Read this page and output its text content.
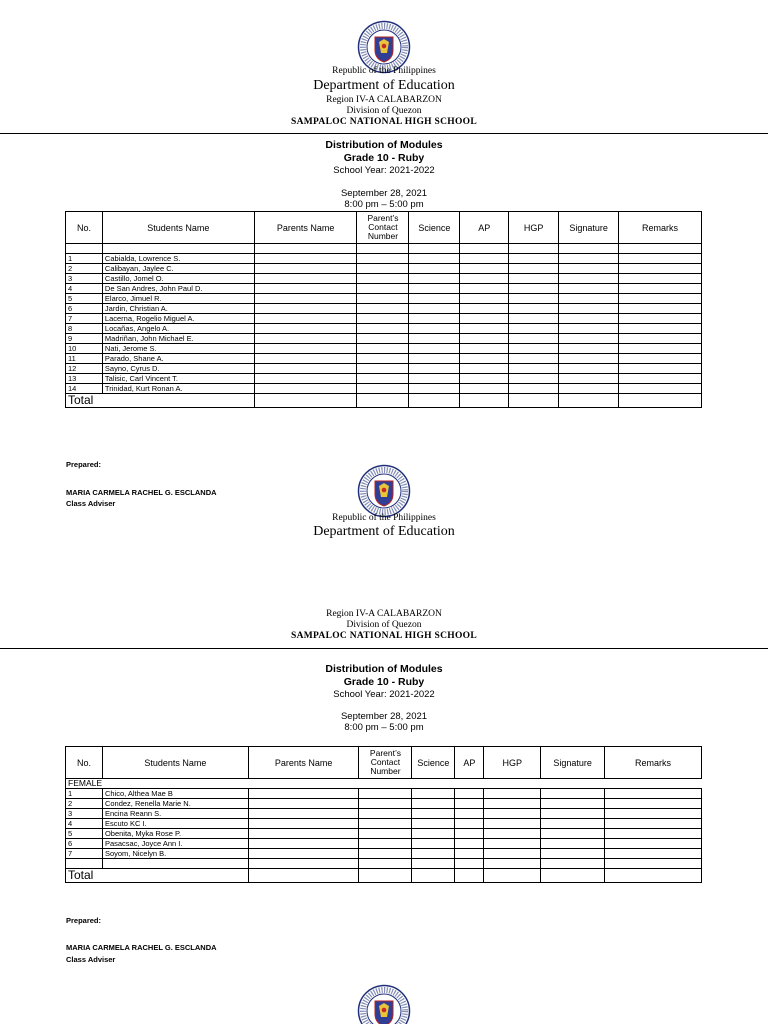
Republic of the Philippines
Department of Education
Region IV-A CALABARZON
Division of Quezon
SAMPALOC NATIONAL HIGH SCHOOL
Distribution of Modules
Grade 10 - Ruby
School Year: 2021-2022
September 28, 2021
8:00 pm – 5:00 pm
No.	Students Name	Parents Name	Parent’s Contact Number	Science	AP	HGP	Signature	Remarks

1	Cabialda, Lowrence S.							
2	Calibayan, Jaylee C.							
3	Castillo, Jomel O.							
4	De San Andres, John Paul D.							
5	Elarco, Jimuel R.							
6	Jardin, Christian A.							
7	Lacerna, Rogelio Miguel A.							
8	Locañas, Angelo A.							
9	Madriñan, John Michael E.							
10	Nati, Jerome S.							
11	Parado, Shane A.							
12	Sayno, Cyrus D.							
13	Talisic, Carl Vincent T.							
14	Trinidad, Kurt Ronan A.							
Total								
Prepared:
MARIA CARMELA RACHEL G. ESCLANDA
Class Adviser
Republic of the Philippines
Department of Education
Region IV-A CALABARZON
Division of Quezon
SAMPALOC NATIONAL HIGH SCHOOL
Distribution of Modules
Grade 10 - Ruby
School Year: 2021-2022
September 28, 2021
8:00 pm – 5:00 pm
No.	Students Name	Parents Name	Parent’s Contact Number	Science	AP	HGP	Signature	Remarks
FEMALE								
1	Chico, Althea Mae B							
2	Condez, Renella Marie N.							
3	Encina Reann S.							
4	Escuto KC I.							
5	Obenita, Myka Rose P.							
6	Pasacsac, Joyce Ann I.							
7	Soyom, Nicelyn B.							

Total								
Prepared:
MARIA CARMELA RACHEL G. ESCLANDA
Class Adviser
